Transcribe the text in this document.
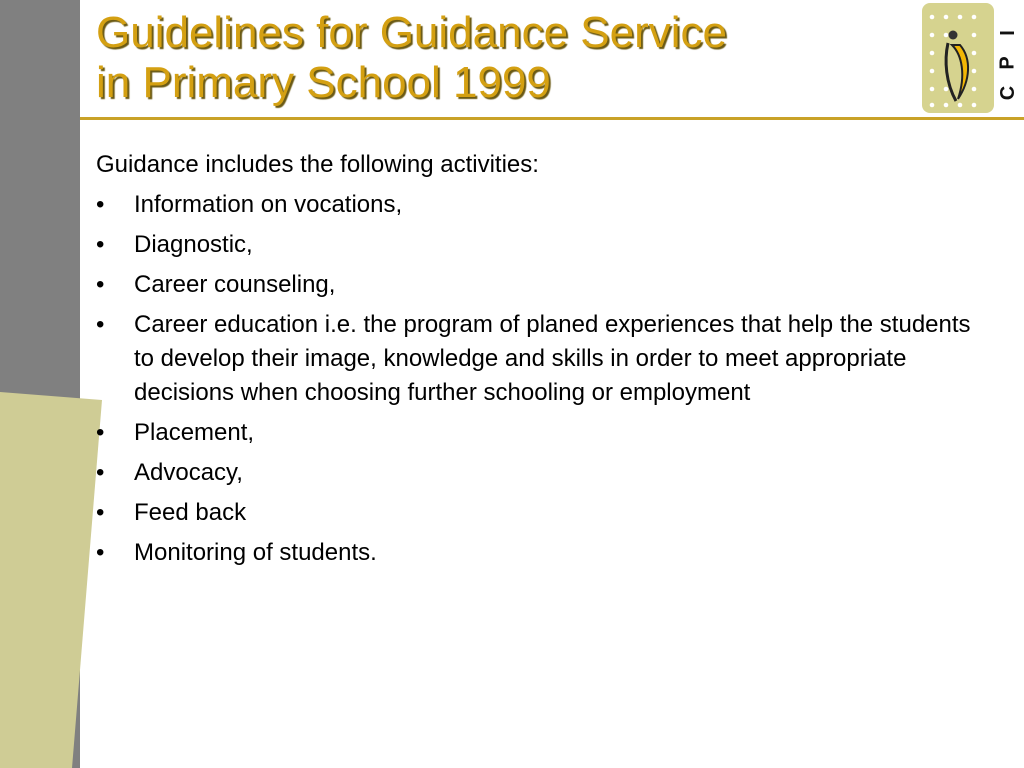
Guidelines for Guidance Service
in Primary School 1999
I
P
C

Guidance includes the following activities:

•	Information on vocations,
•	Diagnostic,
•	Career counseling,
•	Career education i.e. the program of planed experiences that help the students to develop their image, knowledge and skills in order to meet appropriate decisions when choosing further schooling or employment
•	Placement,
•	Advocacy,
•	Feed back
•	Monitoring of students.
